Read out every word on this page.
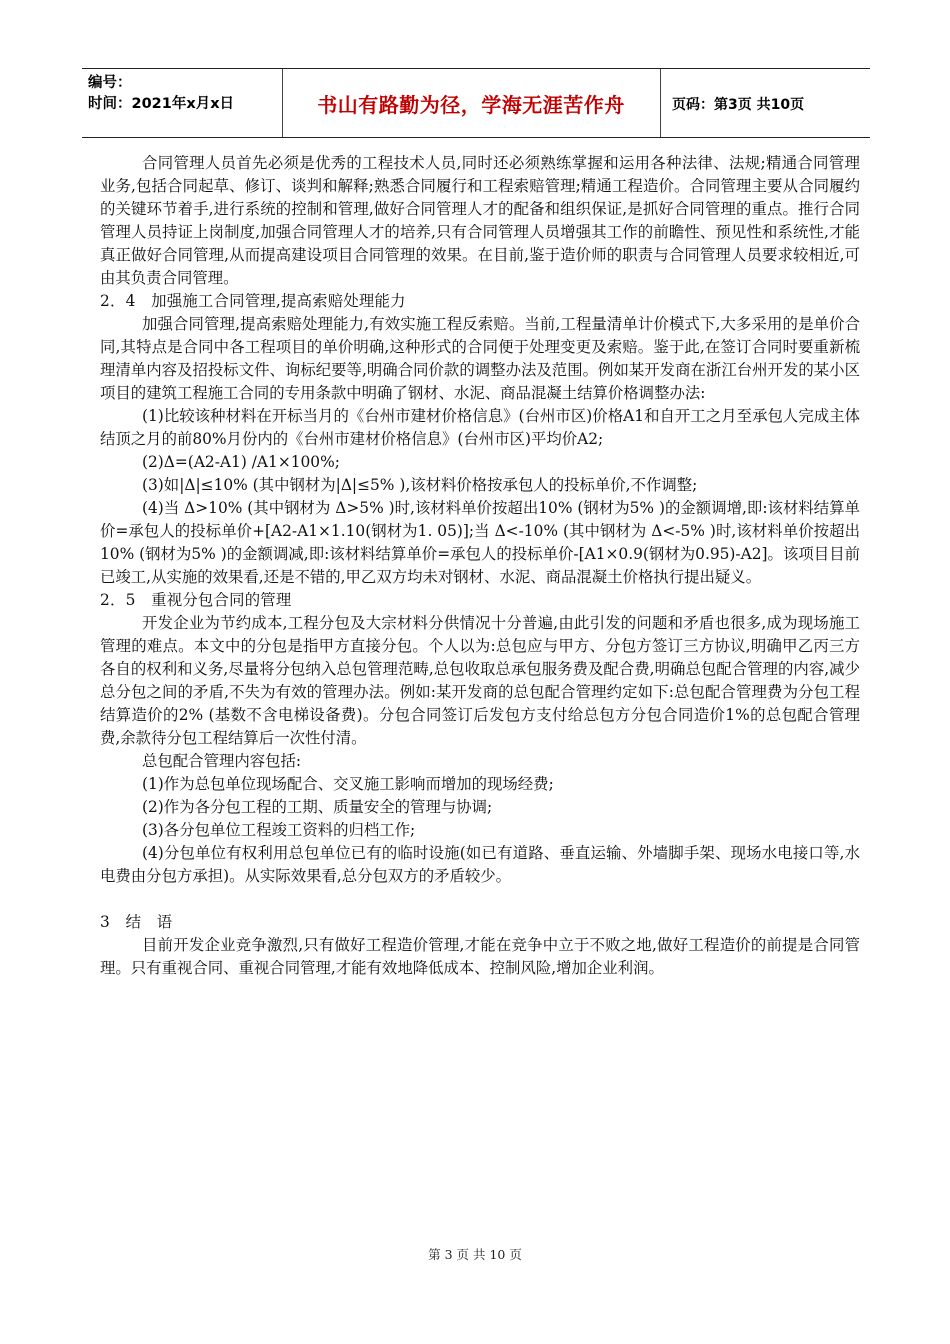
编号：
时间：2021年x月x日	书山有路勤为径，学海无涯苦作舟	页码：第3页 共10页

合同管理人员首先必须是优秀的工程技术人员,同时还必须熟练掌握和运用各种法律、法规;精通合同管理业务,包括合同起草、修订、谈判和解释;熟悉合同履行和工程索赔管理;精通工程造价。合同管理主要从合同履约的关键环节着手,进行系统的控制和管理,做好合同管理人才的配备和组织保证,是抓好合同管理的重点。推行合同管理人员持证上岗制度,加强合同管理人才的培养,只有合同管理人员增强其工作的前瞻性、预见性和系统性,才能真正做好合同管理,从而提高建设项目合同管理的效果。在目前,鉴于造价师的职责与合同管理人员要求较相近,可由其负责合同管理。

2．4　加强施工合同管理,提高索赔处理能力

加强合同管理,提高索赔处理能力,有效实施工程反索赔。当前,工程量清单计价模式下,大多采用的是单价合同,其特点是合同中各工程项目的单价明确,这种形式的合同便于处理变更及索赔。鉴于此,在签订合同时要重新梳理清单内容及招投标文件、询标纪要等,明确合同价款的调整办法及范围。例如某开发商在浙江台州开发的某小区项目的建筑工程施工合同的专用条款中明确了钢材、水泥、商品混凝土结算价格调整办法:

(1)比较该种材料在开标当月的《台州市建材价格信息》(台州市区)价格A1和自开工之月至承包人完成主体结顶之月的前80%月份内的《台州市建材价格信息》(台州市区)平均价A2;

(2)Δ=(A2-A1) /A1×100%;

(3)如|Δ|≤10% (其中钢材为|Δ|≤5% ),该材料价格按承包人的投标单价,不作调整;

(4)当 Δ>10% (其中钢材为 Δ>5% )时,该材料单价按超出10% (钢材为5% )的金额调增,即:该材料结算单价=承包人的投标单价+[A2-A1×1.10(钢材为1. 05)];当 Δ<-10% (其中钢材为 Δ<-5% )时,该材料单价按超出10% (钢材为5% )的金额调减,即:该材料结算单价=承包人的投标单价-[A1×0.9(钢材为0.95)-A2]。该项目目前已竣工,从实施的效果看,还是不错的,甲乙双方均未对钢材、水泥、商品混凝土价格执行提出疑义。

2．5　重视分包合同的管理

开发企业为节约成本,工程分包及大宗材料分供情况十分普遍,由此引发的问题和矛盾也很多,成为现场施工管理的难点。本文中的分包是指甲方直接分包。个人以为:总包应与甲方、分包方签订三方协议,明确甲乙丙三方各自的权利和义务,尽量将分包纳入总包管理范畴,总包收取总承包服务费及配合费,明确总包配合管理的内容,减少总分包之间的矛盾,不失为有效的管理办法。例如:某开发商的总包配合管理约定如下:总包配合管理费为分包工程结算造价的2% (基数不含电梯设备费)。分包合同签订后发包方支付给总包方分包合同造价1%的总包配合管理费,余款待分包工程结算后一次性付清。

总包配合管理内容包括:

(1)作为总包单位现场配合、交叉施工影响而增加的现场经费;

(2)作为各分包工程的工期、质量安全的管理与协调;

(3)各分包单位工程竣工资料的归档工作;

(4)分包单位有权利用总包单位已有的临时设施(如已有道路、垂直运输、外墙脚手架、现场水电接口等,水电费由分包方承担)。从实际效果看,总分包双方的矛盾较少。

3　结　语

目前开发企业竞争激烈,只有做好工程造价管理,才能在竞争中立于不败之地,做好工程造价的前提是合同管理。只有重视合同、重视合同管理,才能有效地降低成本、控制风险,增加企业利润。

第 3 页 共 10 页
